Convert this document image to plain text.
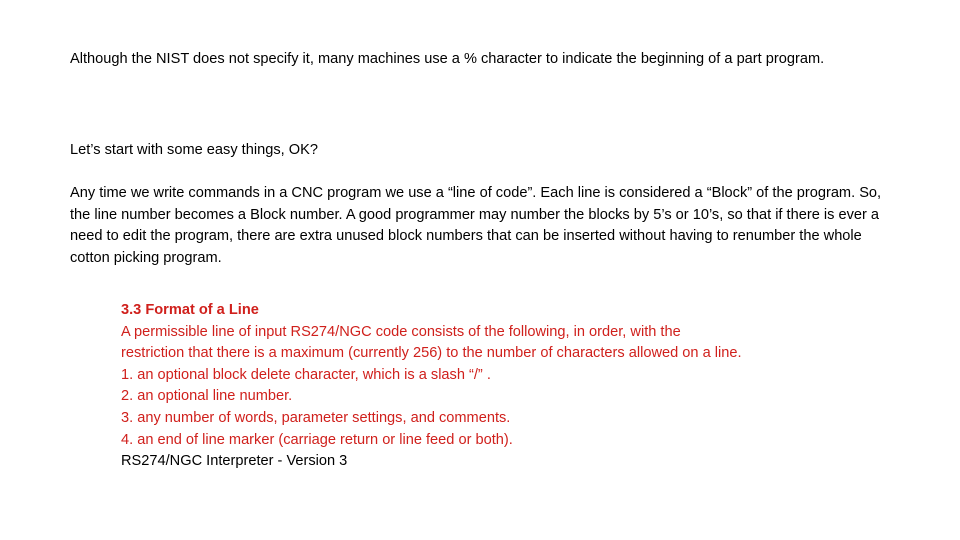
Although the NIST does not specify it, many machines use a % character to indicate the beginning of a part program.

Let’s start with some easy things, OK?

Any time we write commands in a CNC program we use a “line of code”. Each line is considered a “Block” of the program. So, the line number becomes a Block number. A good programmer may number the blocks by 5’s or 10’s, so that if there is ever a need to edit the program, there are extra unused block numbers that can be inserted without having to renumber the whole cotton picking program.

3.3 Format of a Line
A permissible line of input RS274/NGC code consists of the following, in order, with the
restriction that there is a maximum (currently 256) to the number of characters allowed on a line.
1. an optional block delete character, which is a slash “/” .
2. an optional line number.
3. any number of words, parameter settings, and comments.
4. an end of line marker (carriage return or line feed or both).
RS274/NGC Interpreter - Version 3
